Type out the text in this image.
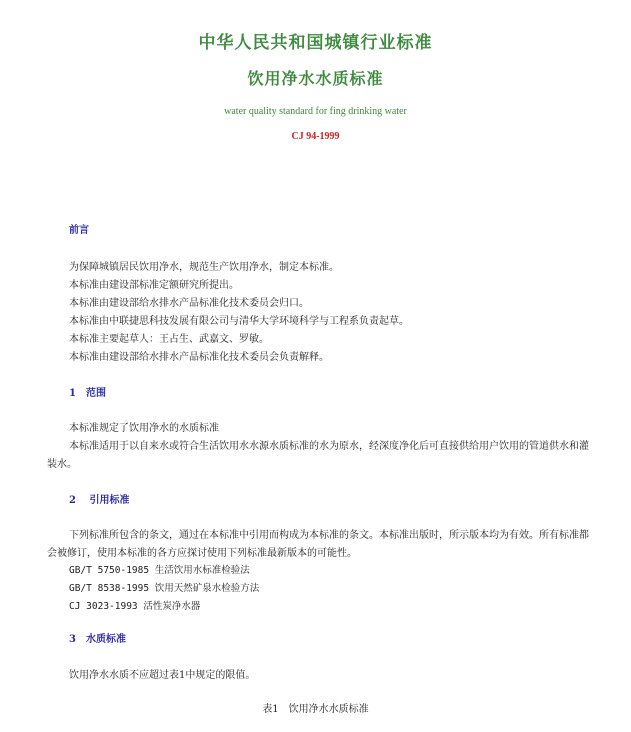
中华人民共和国城镇行业标准
饮用净水水质标准
water quality standard for fing drinking water
CJ 94-1999
前言
为保障城镇居民饮用净水，规范生产饮用净水，制定本标准。
本标准由建设部标准定额研究所提出。
本标准由建设部给水排水产品标准化技术委员会归口。
本标准由中联捷思科技发展有限公司与清华大学环境科学与工程系负责起草。
本标准主要起草人：王占生、武嘉文、罗敏。
本标准由建设部给水排水产品标准化技术委员会负责解释。
1　范围
本标准规定了饮用净水的水质标准
本标准适用于以自来水或符合生活饮用水水源水质标准的水为原水，经深度净化后可直接供给用户饮用的管道供水和灌
装水。
2　 引用标准
下列标准所包含的条文，通过在本标准中引用而构成为本标准的条文。本标准出版时，所示版本均为有效。所有标准都
会被修订，使用本标准的各方应探讨使用下列标准最新版本的可能性。
GB/T 5750-1985 生活饮用水标准检验法
GB/T 8538-1995 饮用天然矿泉水检验方法
CJ 3023-1993 活性炭净水器
3　水质标准
饮用净水水质不应超过表1中规定的限值。
表1　饮用净水水质标准
